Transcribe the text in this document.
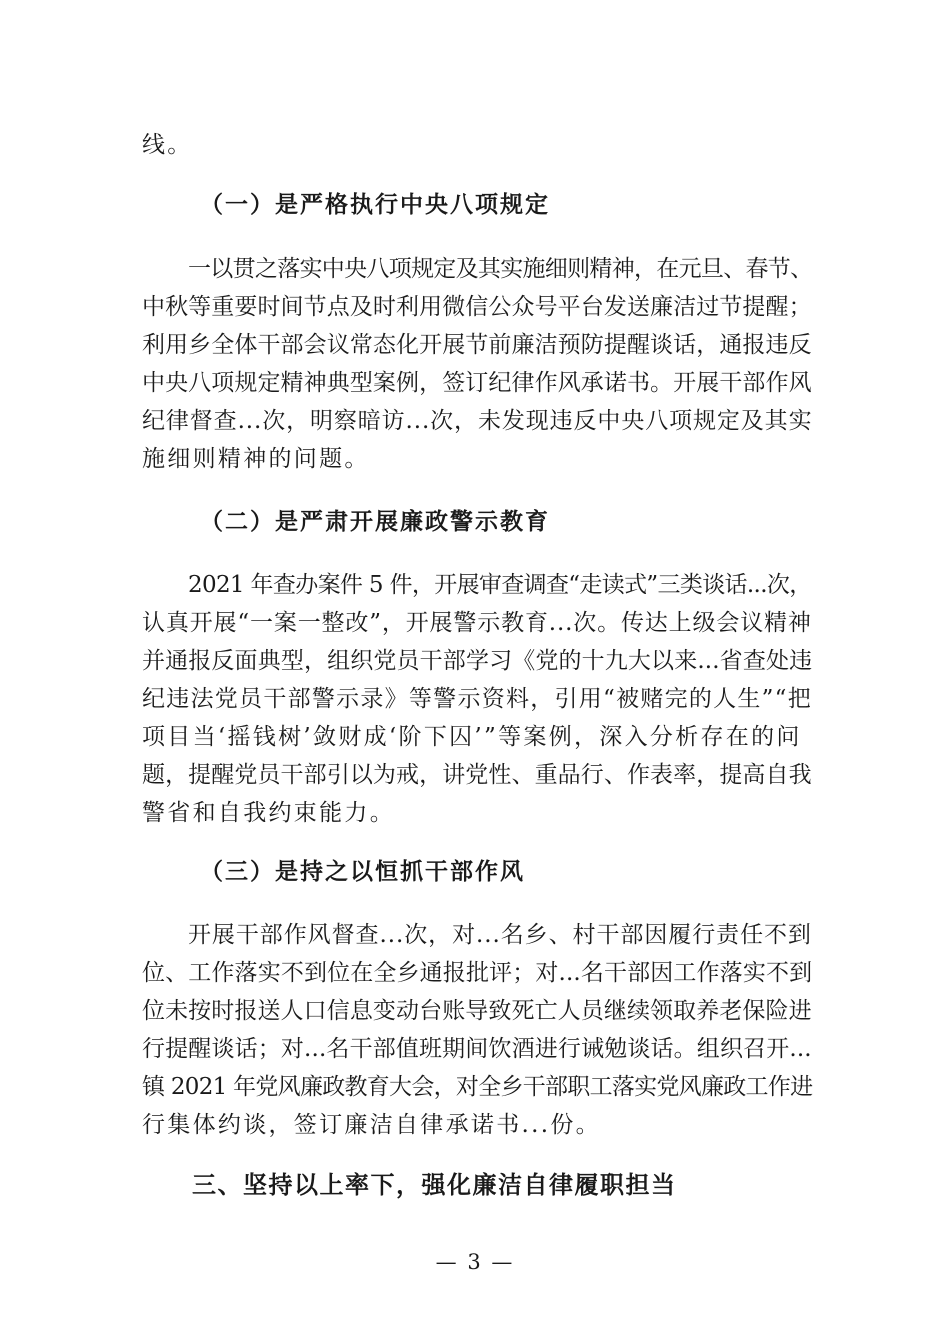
线。
（一）是严格执行中央八项规定
一以贯之落实中央八项规定及其实施细则精神，在元旦、春节、
中秋等重要时间节点及时利用微信公众号平台发送廉洁过节提醒；
利用乡全体干部会议常态化开展节前廉洁预防提醒谈话，通报违反
中央八项规定精神典型案例，签订纪律作风承诺书。开展干部作风
纪律督查...次，明察暗访...次，未发现违反中央八项规定及其实
施细则精神的问题。
（二）是严肃开展廉政警示教育
2021 年查办案件 5 件，开展审查调查“走读式”三类谈话...次，
认真开展“一案一整改”，开展警示教育...次。传达上级会议精神
并通报反面典型，组织党员干部学习《党的十九大以来...省查处违
纪违法党员干部警示录》等警示资料，引用“被赌完的人生”“把
项目当‘摇钱树’敛财成‘阶下囚’”等案例，深入分析存在的问
题，提醒党员干部引以为戒，讲党性、重品行、作表率，提高自我
警省和自我约束能力。
（三）是持之以恒抓干部作风
开展干部作风督查...次，对...名乡、村干部因履行责任不到
位、工作落实不到位在全乡通报批评；对...名干部因工作落实不到
位未按时报送人口信息变动台账导致死亡人员继续领取养老保险进
行提醒谈话；对...名干部值班期间饮酒进行诫勉谈话。组织召开...
镇 2021 年党风廉政教育大会，对全乡干部职工落实党风廉政工作进
行集体约谈，签订廉洁自律承诺书...份。
三、坚持以上率下，强化廉洁自律履职担当
— 3 —
